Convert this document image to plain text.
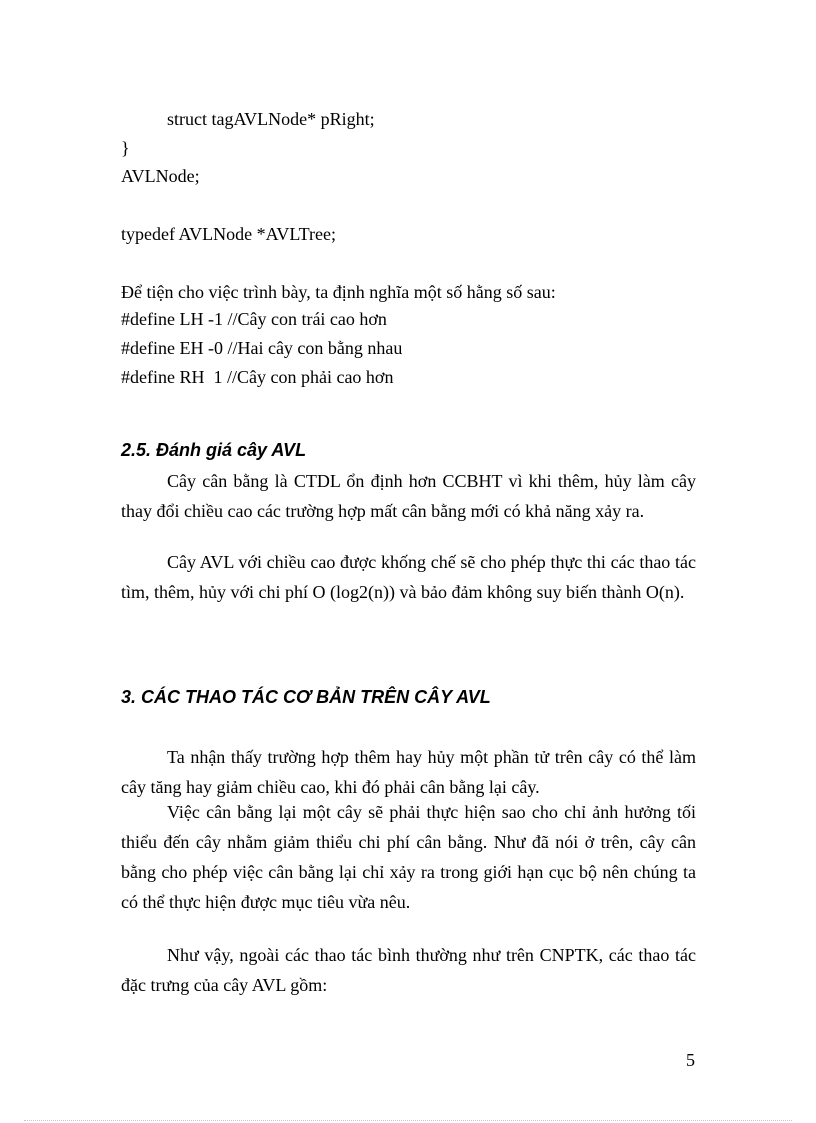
struct tagAVLNode* pRight;
}
AVLNode;
typedef AVLNode *AVLTree;
Để tiện cho việc trình bày, ta định nghĩa một số hằng số sau:
#define LH -1 //Cây con trái cao hơn
#define EH -0 //Hai cây con bằng nhau
#define RH  1 //Cây con phải cao hơn
2.5. Đánh giá cây AVL
Cây cân bằng là CTDL ổn định hơn CCBHT vì khi thêm, hủy làm cây thay đổi chiều cao các trường hợp mất cân bằng mới có khả năng xảy ra.
Cây AVL với chiều cao được khống chế sẽ cho phép thực thi các thao tác tìm, thêm, hủy với chi phí O (log2(n)) và bảo đảm không suy biến thành O(n).
3. CÁC THAO TÁC CƠ BẢN TRÊN CÂY AVL
Ta nhận thấy trường hợp thêm hay hủy một phần tử trên cây có thể làm cây tăng hay giảm chiều cao, khi đó phải cân bằng lại cây.
Việc cân bằng lại một cây sẽ phải thực hiện sao cho chỉ ảnh hưởng tối thiểu đến cây nhằm giảm thiểu chi phí cân bằng. Như đã nói ở trên, cây cân bằng cho phép việc cân bằng lại chỉ xảy ra trong giới hạn cục bộ nên chúng ta có thể thực hiện được mục tiêu vừa nêu.
Như vậy, ngoài các thao tác bình thường như trên CNPTK, các thao tác đặc trưng của cây AVL gồm:
5
